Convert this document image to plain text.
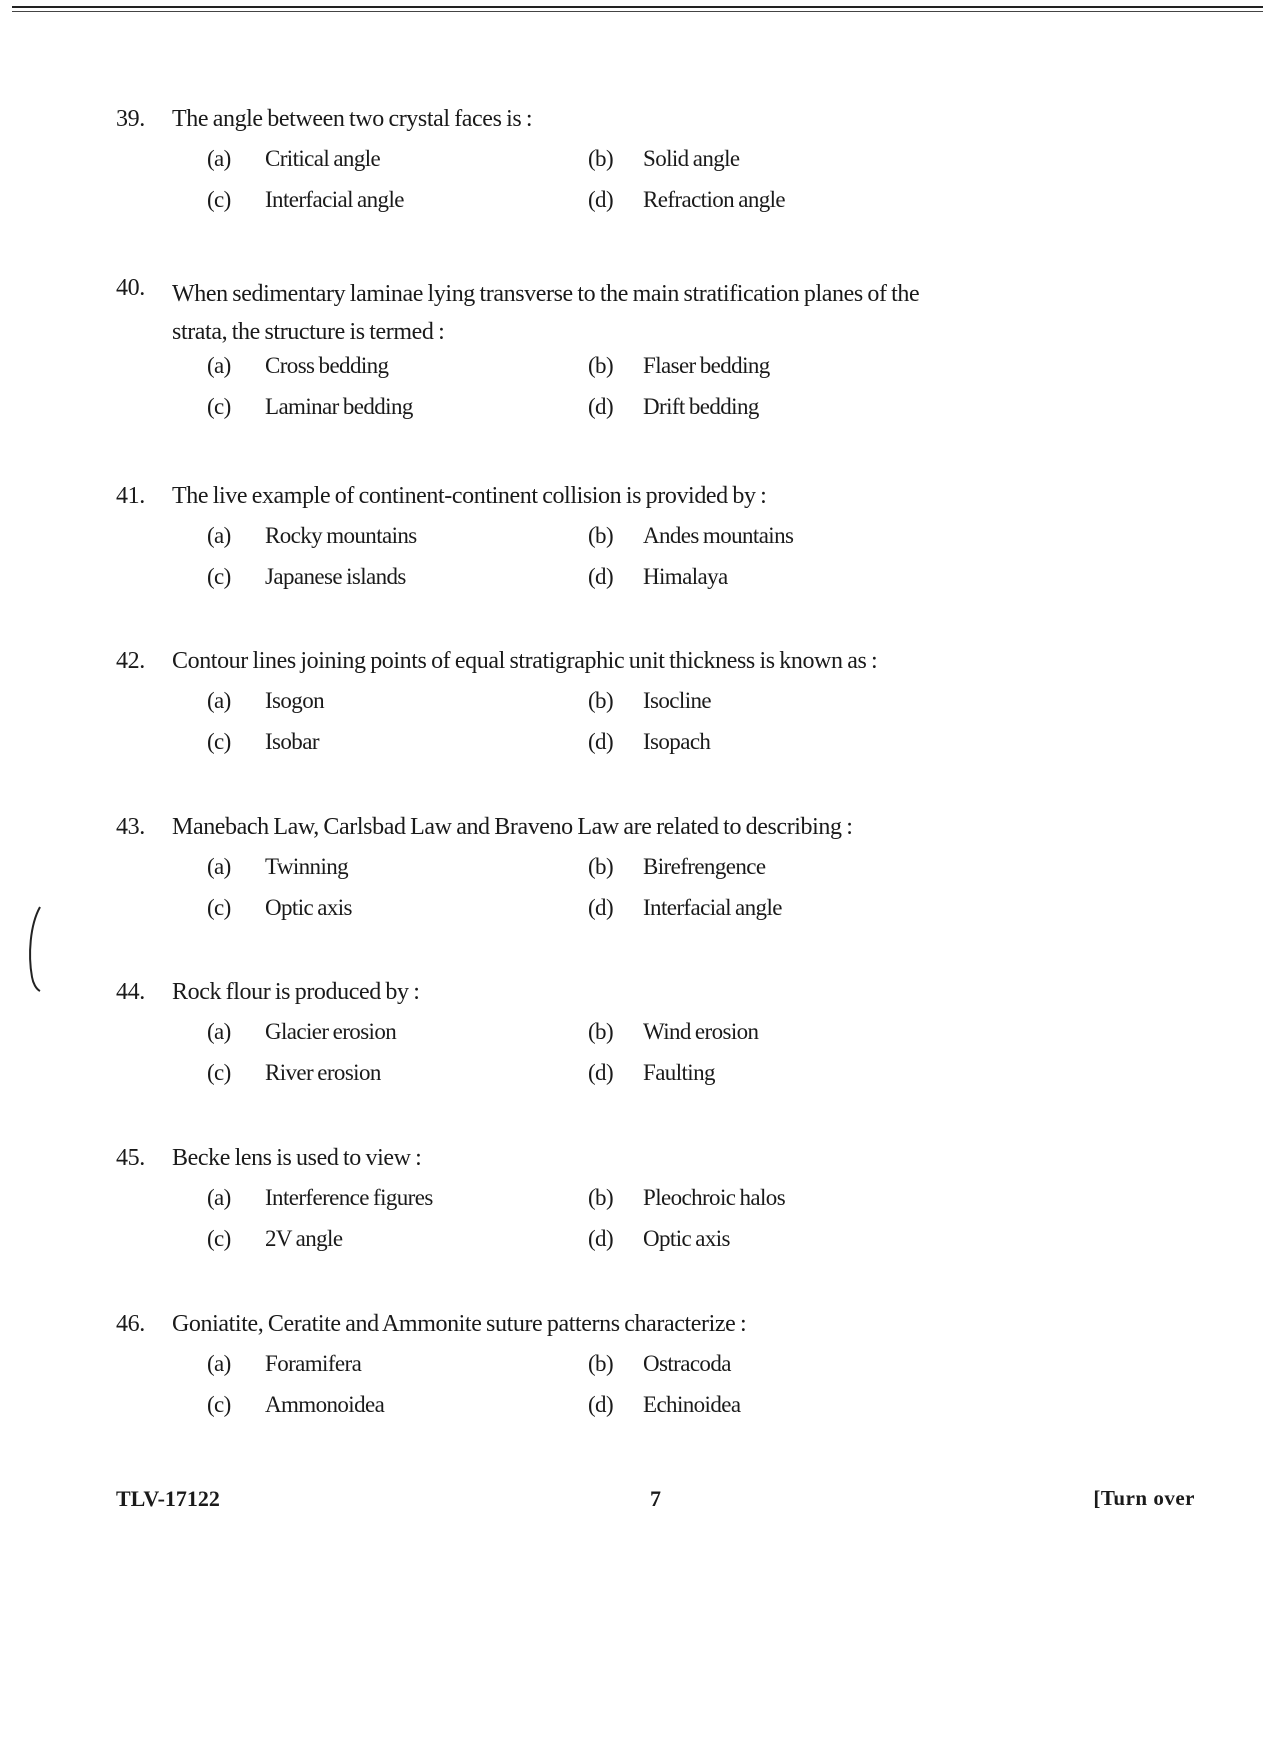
39. The angle between two crystal faces is :
(a) Critical angle	(b) Solid angle
(c) Interfacial angle	(d) Refraction angle
40. When sedimentary laminae lying transverse to the main stratification planes of the strata, the structure is termed :
(a) Cross bedding	(b) Flaser bedding
(c) Laminar bedding	(d) Drift bedding
41. The live example of continent-continent collision is provided by :
(a) Rocky mountains	(b) Andes mountains
(c) Japanese islands	(d) Himalaya
42. Contour lines joining points of equal stratigraphic unit thickness is known as :
(a) Isogon	(b) Isocline
(c) Isobar	(d) Isopach
43. Manebach Law, Carlsbad Law and Braveno Law are related to describing :
(a) Twinning	(b) Birefrengence
(c) Optic axis	(d) Interfacial angle
44. Rock flour is produced by :
(a) Glacier erosion	(b) Wind erosion
(c) River erosion	(d) Faulting
45. Becke lens is used to view :
(a) Interference figures	(b) Pleochroic halos
(c) 2V angle	(d) Optic axis
46. Goniatite, Ceratite and Ammonite suture patterns characterize :
(a) Foramifera	(b) Ostracoda
(c) Ammonoidea	(d) Echinoidea
TLV-17122	7	[Turn over
